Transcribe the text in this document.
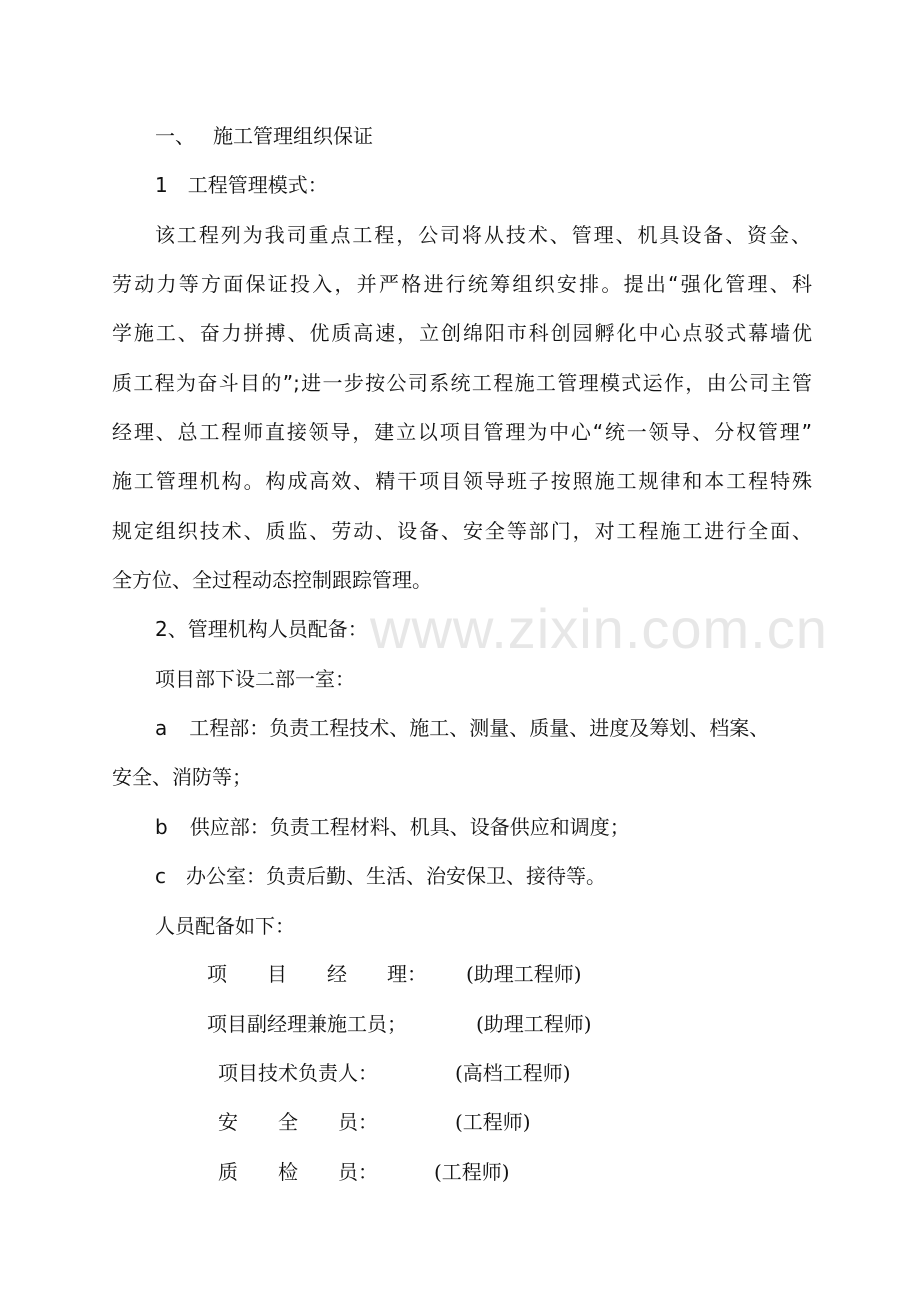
www.zixin.com.cn
一、 施工管理组织保证
1 工程管理模式：
该工程列为我司重点工程，公司将从技术、管理、机具设备、资金、
劳动力等方面保证投入，并严格进行统筹组织安排。提出“强化管理、科
学施工、奋力拼搏、优质高速，立创绵阳市科创园孵化中心点驳式幕墙优
质工程为奋斗目的”;进一步按公司系统工程施工管理模式运作，由公司主管
经理、总工程师直接领导，建立以项目管理为中心“统一领导、分权管理”
施工管理机构。构成高效、精干项目领导班子按照施工规律和本工程特殊
规定组织技术、质监、劳动、设备、安全等部门，对工程施工进行全面、
全方位、全过程动态控制跟踪管理。
2、管理机构人员配备：
项目部下设二部一室：
a 工程部：负责工程技术、施工、测量、质量、进度及筹划、档案、
安全、消防等；
b 供应部：负责工程材料、机具、设备供应和调度；
c 办公室：负责后勤、生活、治安保卫、接待等。
人员配备如下：
项　　目　　经　　理： (助理工程师)
项目副经理兼施工员；	(助理工程师)
项目技术负责人：	(高档工程师)
安　　全　　员：	(工程师)
质　　检　　员：	(工程师)
